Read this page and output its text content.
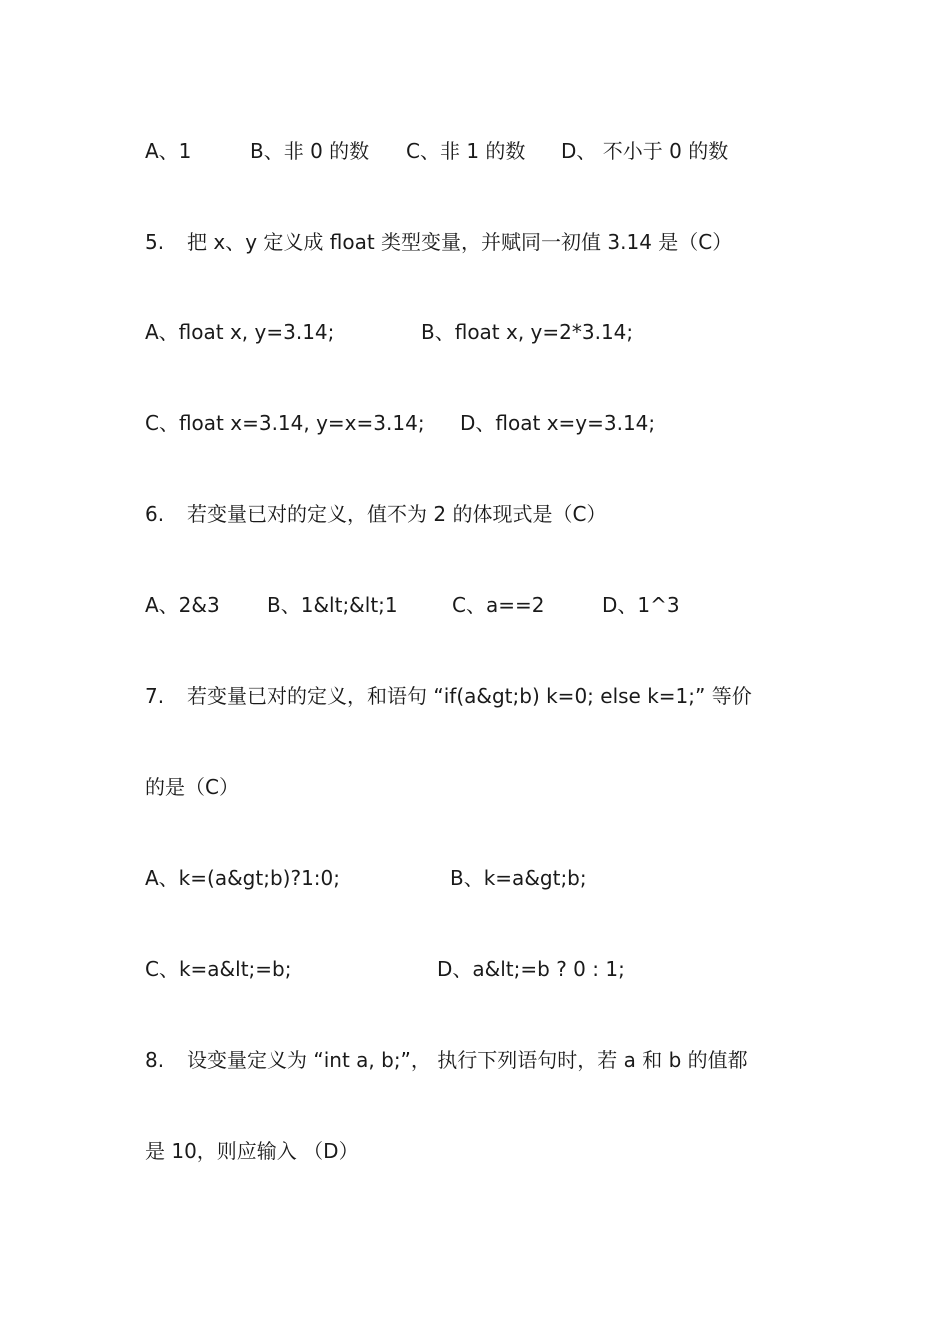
A、1	B、非 0 的数 C、非 1 的数 D、 不小于 0 的数
5. 把 x、y 定义成 float 类型变量，并赋同一初值 3.14 是（C）
A、float x, y=3.14;	B、float x, y=2*3.14;
C、float x=3.14, y=x=3.14; D、float x=y=3.14;
6. 若变量已对的定义，值不为 2 的体现式是（C）
A、2&3 B、1&lt;&lt;1	C、a==2	D、1^3
7. 若变量已对的定义，和语句 “if(a&gt;b) k=0; else k=1;” 等价
的是（C）
A、k=(a&gt;b)?1:0;	B、k=a&gt;b;
C、k=a&lt;=b;	D、a&lt;=b ? 0 : 1;
8. 设变量定义为 “int a, b;”， 执行下列语句时，若 a 和 b 的值都
是 10，则应输入 （D）
